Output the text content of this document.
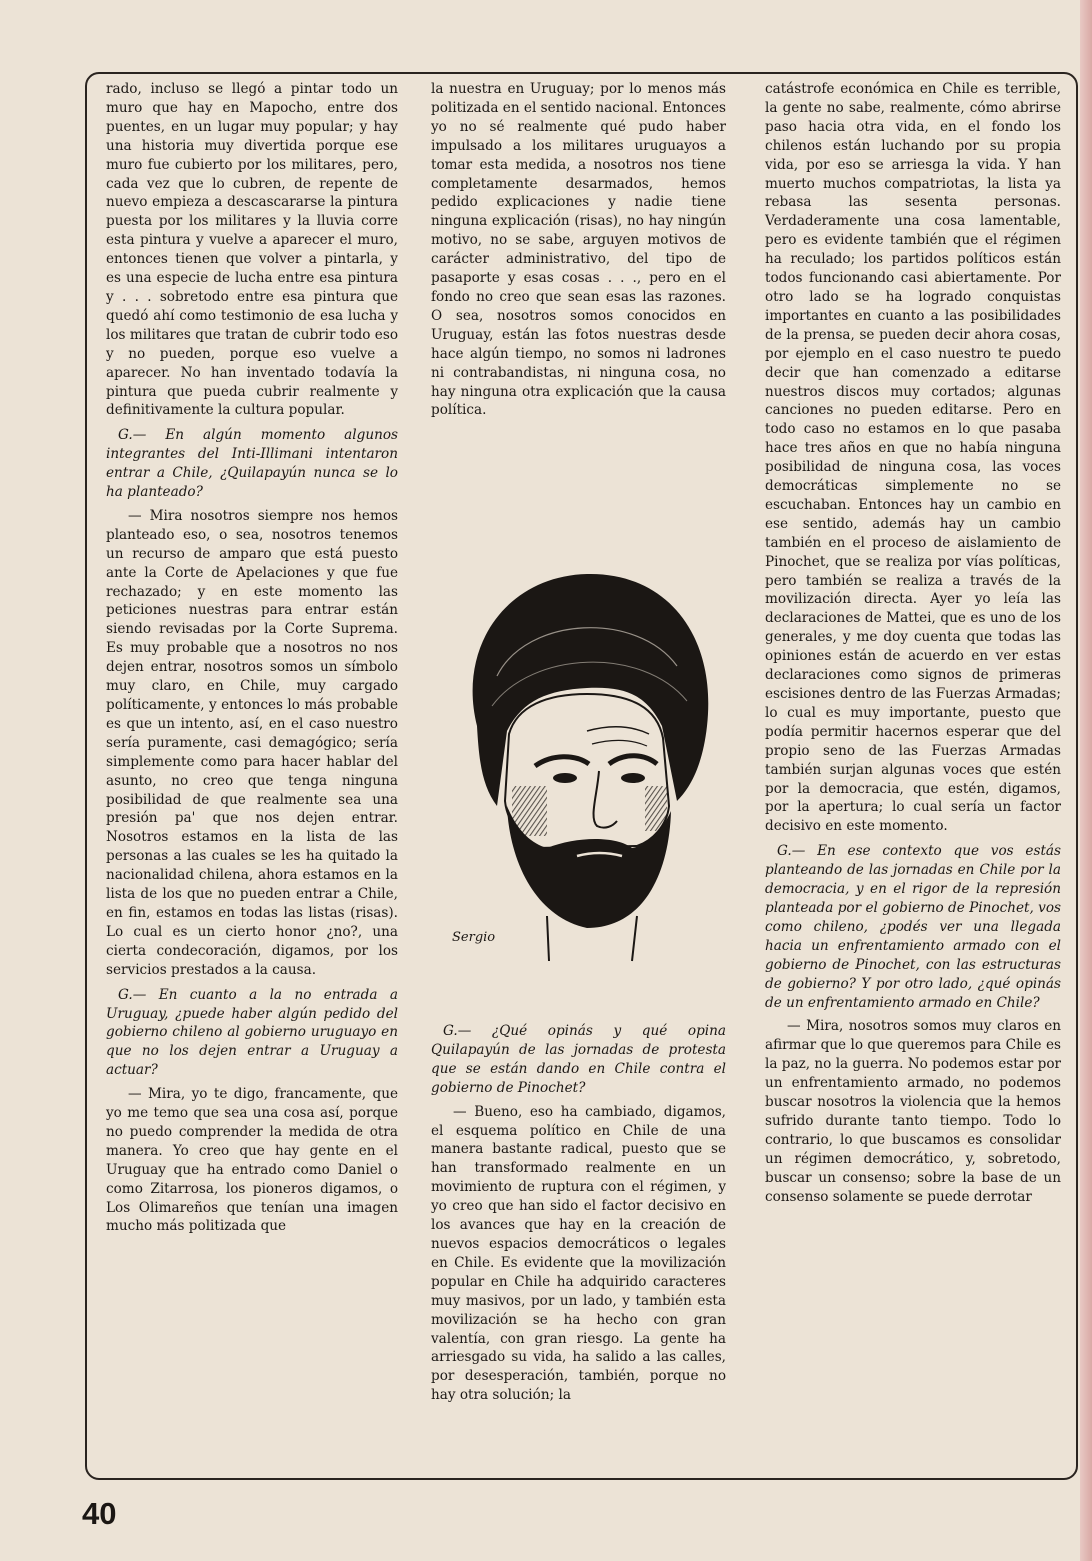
rado, incluso se llegó a pintar todo un muro que hay en Mapocho, entre dos puentes, en un lugar muy popular; y hay una historia muy divertida porque ese muro fue cubierto por los militares, pero, cada vez que lo cubren, de repente de nuevo empieza a descascararse la pintura puesta por los militares y la lluvia corre esta pintura y vuelve a aparecer el muro, entonces tienen que volver a pintarla, y es una especie de lucha entre esa pintura y . . . sobretodo entre esa pintura que quedó ahí como testimonio de esa lucha y los militares que tratan de cubrir todo eso y no pueden, porque eso vuelve a aparecer. No han inventado todavía la pintura que pueda cubrir realmente y definitivamente la cultura popular.

G.— En algún momento algunos integrantes del Inti-Illimani intentaron entrar a Chile, ¿Quilapayún nunca se lo ha planteado?

— Mira nosotros siempre nos hemos planteado eso, o sea, nosotros tenemos un recurso de amparo que está puesto ante la Corte de Apelaciones y que fue rechazado; y en este momento las peticiones nuestras para entrar están siendo revisadas por la Corte Suprema. Es muy probable que a nosotros no nos dejen entrar, nosotros somos un símbolo muy claro, en Chile, muy cargado políticamente, y entonces lo más probable es que un intento, así, en el caso nuestro sería puramente, casi demagógico; sería simplemente como para hacer hablar del asunto, no creo que tenga ninguna posibilidad de que realmente sea una presión pa' que nos dejen entrar. Nosotros estamos en la lista de las personas a las cuales se les ha quitado la nacionalidad chilena, ahora estamos en la lista de los que no pueden entrar a Chile, en fin, estamos en todas las listas (risas). Lo cual es un cierto honor ¿no?, una cierta condecoración, digamos, por los servicios prestados a la causa.

G.— En cuanto a la no entrada a Uruguay, ¿puede haber algún pedido del gobierno chileno al gobierno uruguayo en que no los dejen entrar a Uruguay a actuar?

— Mira, yo te digo, francamente, que yo me temo que sea una cosa así, porque no puedo comprender la medida de otra manera. Yo creo que hay gente en el Uruguay que ha entrado como Daniel o como Zitarrosa, los pioneros digamos, o Los Olimareños que tenían una imagen mucho más politizada que

la nuestra en Uruguay; por lo menos más politizada en el sentido nacional. Entonces yo no sé realmente qué pudo haber impulsado a los militares uruguayos a tomar esta medida, a nosotros nos tiene completamente desarmados, hemos pedido explicaciones y nadie tiene ninguna explicación (risas), no hay ningún motivo, no se sabe, arguyen motivos de carácter administrativo, del tipo de pasaporte y esas cosas . . ., pero en el fondo no creo que sean esas las razones. O sea, nosotros somos conocidos en Uruguay, están las fotos nuestras desde hace algún tiempo, no somos ni ladrones ni contrabandistas, ni ninguna cosa, no hay ninguna otra explicación que la causa política.

Sergio

G.— ¿Qué opinás y qué opina Quilapayún de las jornadas de protesta que se están dando en Chile contra el gobierno de Pinochet?

— Bueno, eso ha cambiado, digamos, el esquema político en Chile de una manera bastante radical, puesto que se han transformado realmente en un movimiento de ruptura con el régimen, y yo creo que han sido el factor decisivo en los avances que hay en la creación de nuevos espacios democráticos o legales en Chile. Es evidente que la movilización popular en Chile ha adquirido caracteres muy masivos, por un lado, y también esta movilización se ha hecho con gran valentía, con gran riesgo. La gente ha arriesgado su vida, ha salido a las calles, por desesperación, también, porque no hay otra solución; la

catástrofe económica en Chile es terrible, la gente no sabe, realmente, cómo abrirse paso hacia otra vida, en el fondo los chilenos están luchando por su propia vida, por eso se arriesga la vida. Y han muerto muchos compatriotas, la lista ya rebasa las sesenta personas. Verdaderamente una cosa lamentable, pero es evidente también que el régimen ha reculado; los partidos políticos están todos funcionando casi abiertamente. Por otro lado se ha logrado conquistas importantes en cuanto a las posibilidades de la prensa, se pueden decir ahora cosas, por ejemplo en el caso nuestro te puedo decir que han comenzado a editarse nuestros discos muy cortados; algunas canciones no pueden editarse. Pero en todo caso no estamos en lo que pasaba hace tres años en que no había ninguna posibilidad de ninguna cosa, las voces democráticas simplemente no se escuchaban. Entonces hay un cambio en ese sentido, además hay un cambio también en el proceso de aislamiento de Pinochet, que se realiza por vías políticas, pero también se realiza a través de la movilización directa. Ayer yo leía las declaraciones de Mattei, que es uno de los generales, y me doy cuenta que todas las opiniones están de acuerdo en ver estas declaraciones como signos de primeras escisiones dentro de las Fuerzas Armadas; lo cual es muy importante, puesto que podía permitir hacernos esperar que del propio seno de las Fuerzas Armadas también surjan algunas voces que estén por la democracia, que estén, digamos, por la apertura; lo cual sería un factor decisivo en este momento.

G.— En ese contexto que vos estás planteando de las jornadas en Chile por la democracia, y en el rigor de la represión planteada por el gobierno de Pinochet, vos como chileno, ¿podés ver una llegada hacia un enfrentamiento armado con el gobierno de Pinochet, con las estructuras de gobierno? Y por otro lado, ¿qué opinás de un enfrentamiento armado en Chile?

— Mira, nosotros somos muy claros en afirmar que lo que queremos para Chile es la paz, no la guerra. No podemos estar por un enfrentamiento armado, no podemos buscar nosotros la violencia que la hemos sufrido durante tanto tiempo. Todo lo contrario, lo que buscamos es consolidar un régimen democrático, y, sobretodo, buscar un consenso; sobre la base de un consenso solamente se puede derrotar

40
